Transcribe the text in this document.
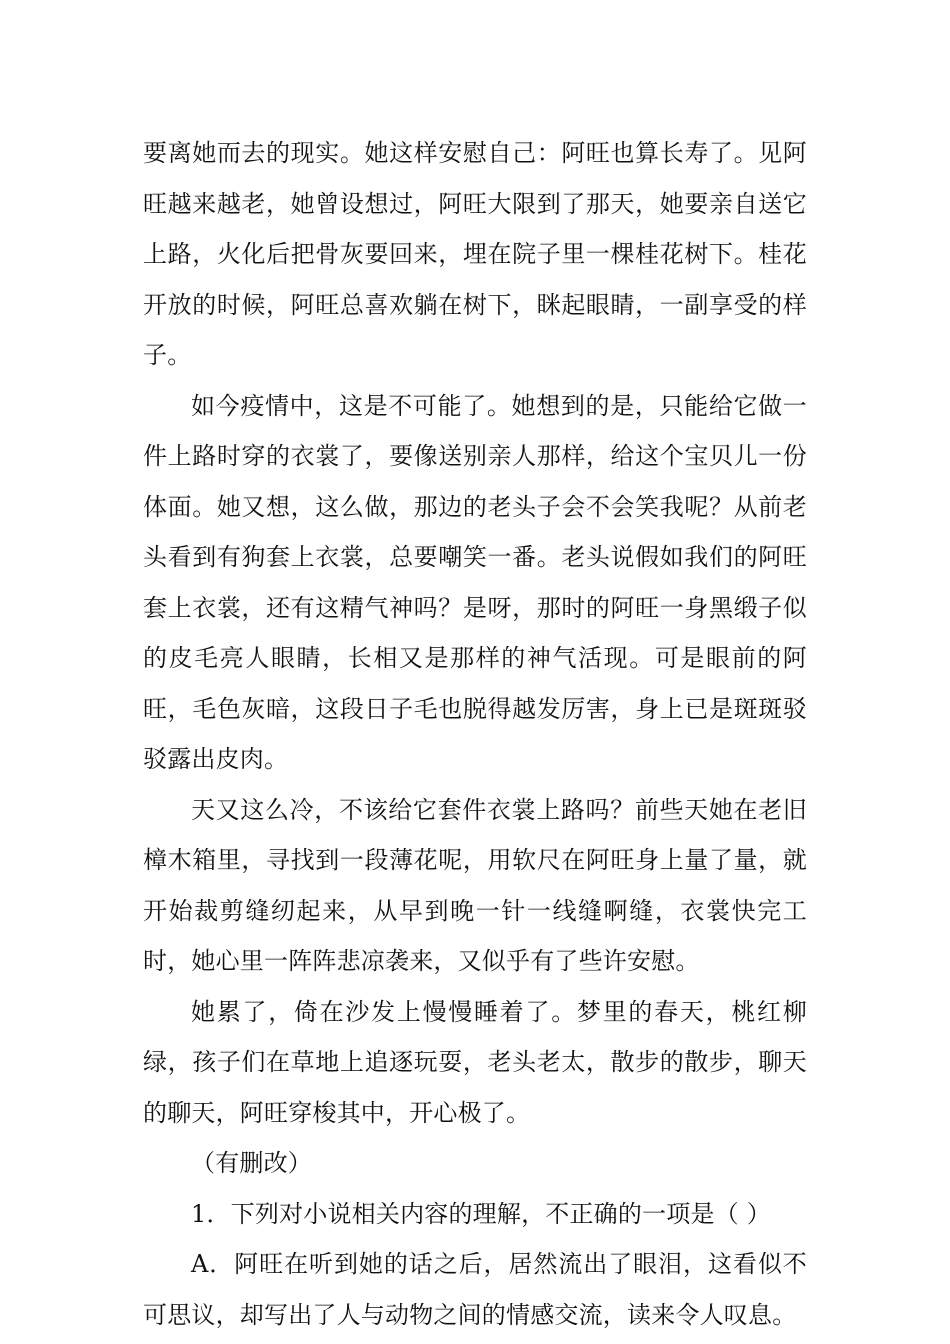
要离她而去的现实。她这样安慰自己：阿旺也算长寿了。见阿旺越来越老，她曾设想过，阿旺大限到了那天，她要亲自送它上路，火化后把骨灰要回来，埋在院子里一棵桂花树下。桂花开放的时候，阿旺总喜欢躺在树下，眯起眼睛，一副享受的样子。

如今疫情中，这是不可能了。她想到的是，只能给它做一件上路时穿的衣裳了，要像送别亲人那样，给这个宝贝儿一份体面。她又想，这么做，那边的老头子会不会笑我呢？从前老头看到有狗套上衣裳，总要嘲笑一番。老头说假如我们的阿旺套上衣裳，还有这精气神吗？是呀，那时的阿旺一身黑缎子似的皮毛亮人眼睛，长相又是那样的神气活现。可是眼前的阿旺，毛色灰暗，这段日子毛也脱得越发厉害，身上已是斑斑驳驳露出皮肉。

天又这么冷，不该给它套件衣裳上路吗？前些天她在老旧樟木箱里，寻找到一段薄花呢，用软尺在阿旺身上量了量，就开始裁剪缝纫起来，从早到晚一针一线缝啊缝，衣裳快完工时，她心里一阵阵悲凉袭来，又似乎有了些许安慰。

她累了，倚在沙发上慢慢睡着了。梦里的春天，桃红柳绿，孩子们在草地上追逐玩耍，老头老太，散步的散步，聊天的聊天，阿旺穿梭其中，开心极了。

（有删改）

1．下列对小说相关内容的理解，不正确的一项是（ ）

A．阿旺在听到她的话之后，居然流出了眼泪，这看似不可思议，却写出了人与动物之间的情感交流，读来令人叹息。
